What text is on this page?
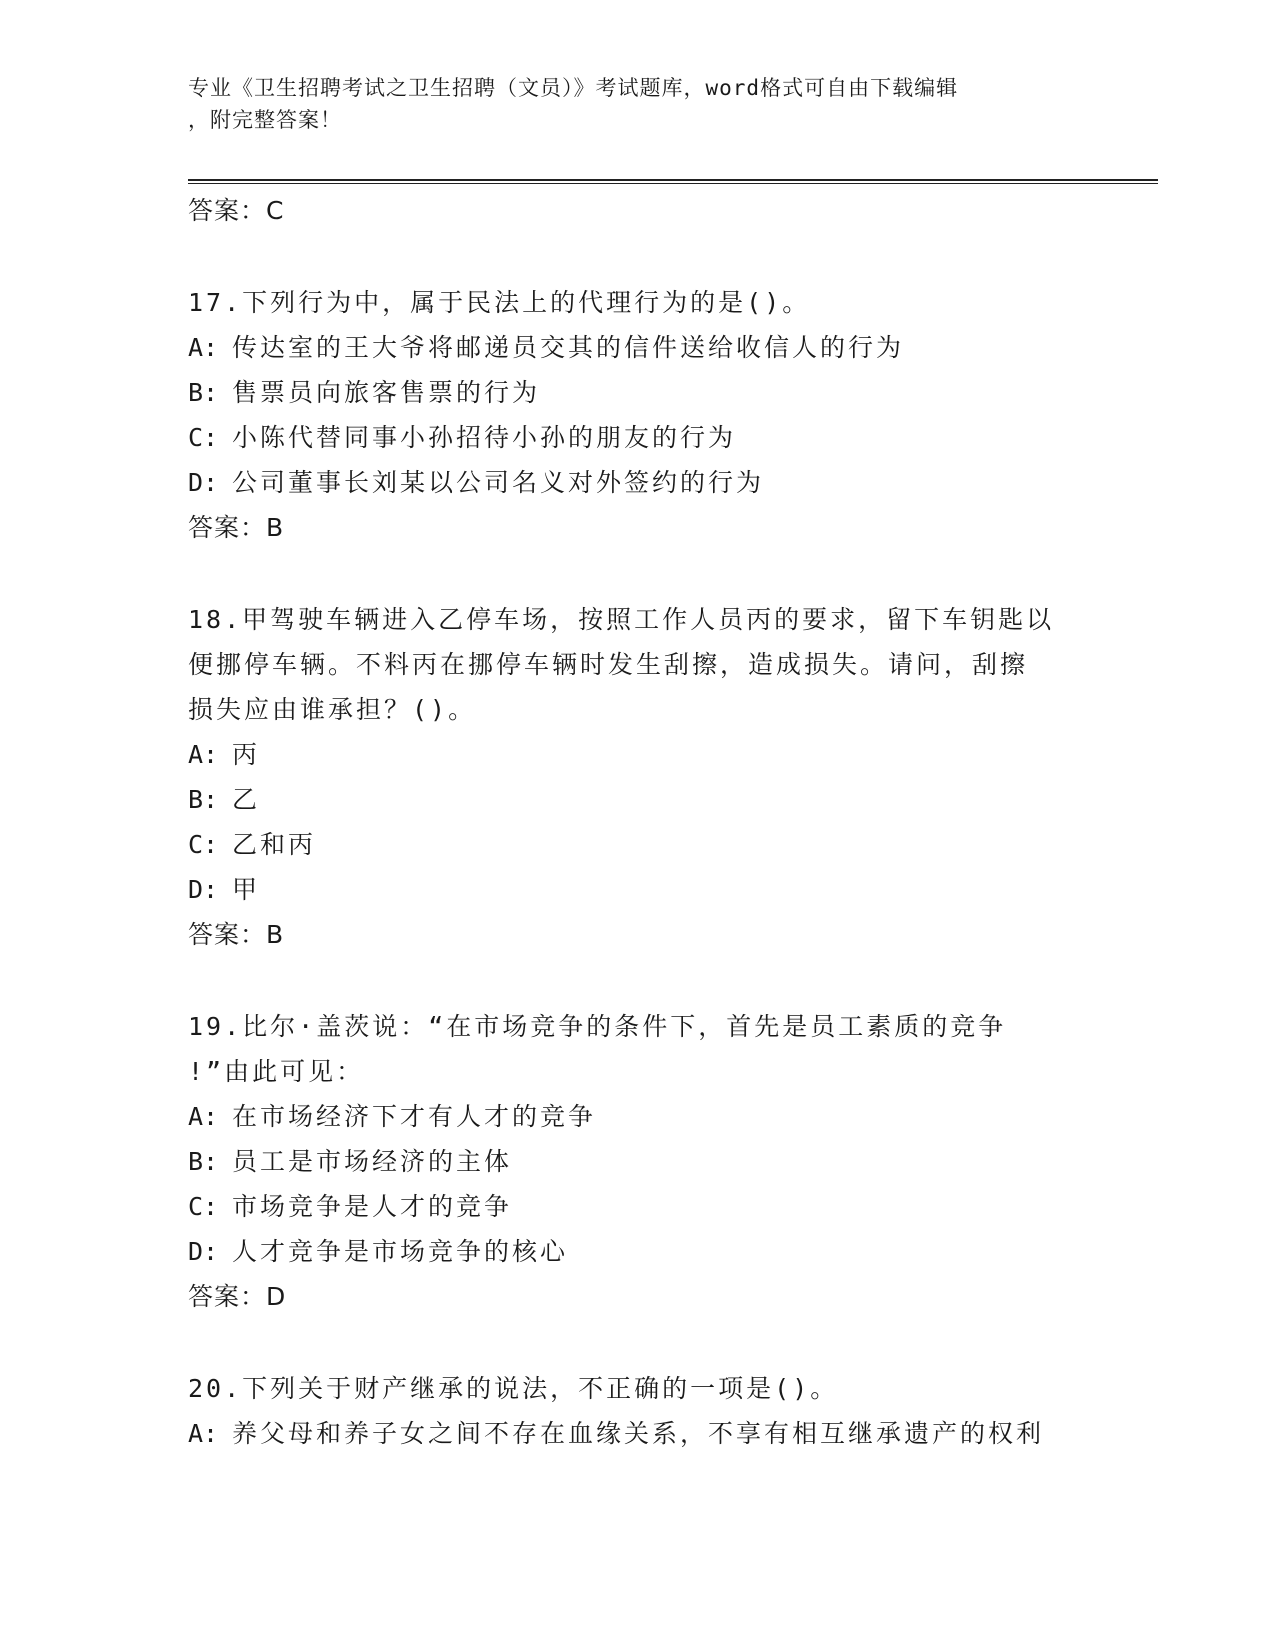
专业《卫生招聘考试之卫生招聘（文员）》考试题库，word格式可自由下载编辑
，附完整答案！
答案：C
17.下列行为中，属于民法上的代理行为的是()。
A: 传达室的王大爷将邮递员交其的信件送给收信人的行为
B: 售票员向旅客售票的行为
C: 小陈代替同事小孙招待小孙的朋友的行为
D: 公司董事长刘某以公司名义对外签约的行为
答案：B
18.甲驾驶车辆进入乙停车场，按照工作人员丙的要求，留下车钥匙以
便挪停车辆。不料丙在挪停车辆时发生刮擦，造成损失。请问，刮擦
损失应由谁承担？()。
A: 丙
B: 乙
C: 乙和丙
D: 甲
答案：B
19.比尔·盖茨说：“在市场竞争的条件下，首先是员工素质的竞争
!”由此可见：
A: 在市场经济下才有人才的竞争
B: 员工是市场经济的主体
C: 市场竞争是人才的竞争
D: 人才竞争是市场竞争的核心
答案：D
20.下列关于财产继承的说法，不正确的一项是()。
A: 养父母和养子女之间不存在血缘关系，不享有相互继承遗产的权利
